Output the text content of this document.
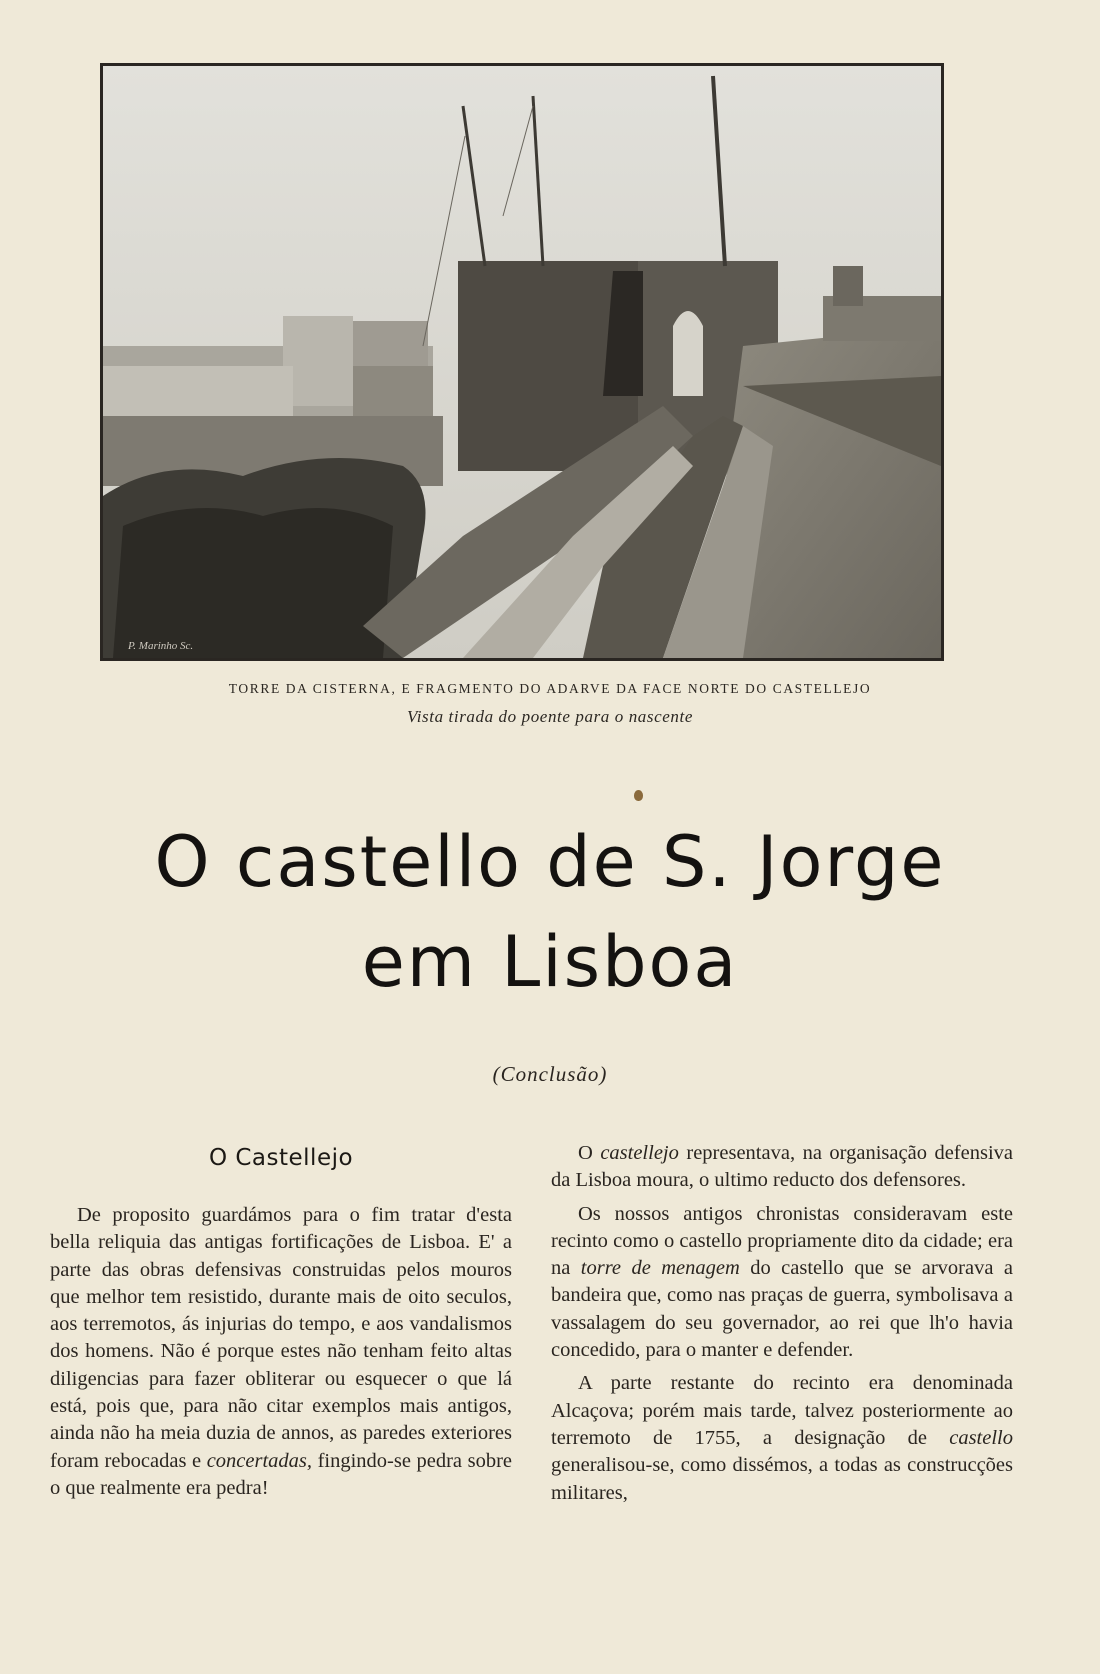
TORRE DA CISTERNA, E FRAGMENTO DO ADARVE DA FACE NORTE DO CASTELLEJO
Vista tirada do poente para o nascente
O castello de S. Jorge
em Lisboa
(Conclusão)
O Castellejo

De proposito guardámos para o fim tratar d'esta bella reliquia das antigas fortificações de Lisboa. E' a parte das obras defensivas construidas pelos mouros que melhor tem resistido, durante mais de oito seculos, aos terremotos, ás injurias do tempo, e aos vandalismos dos homens. Não é porque estes não tenham feito altas diligencias para fazer obliterar ou esquecer o que lá está, pois que, para não citar exemplos mais antigos, ainda não ha meia duzia de annos, as paredes exteriores foram rebocadas e concertadas, fingindo-se pedra sobre o que realmente era pedra!

O castellejo representava, na organisação defensiva da Lisboa moura, o ultimo reducto dos defensores.

Os nossos antigos chronistas consideravam este recinto como o castello propriamente dito da cidade; era na torre de menagem do castello que se arvorava a bandeira que, como nas praças de guerra, symbolisava a vassalagem do seu governador, ao rei que lh'o havia concedido, para o manter e defender.

A parte restante do recinto era denominada Alcaçova; porém mais tarde, talvez posteriormente ao terremoto de 1755, a designação de castello generalisou-se, como dissémos, a todas as construcções militares,

P. Marinho Sc.
